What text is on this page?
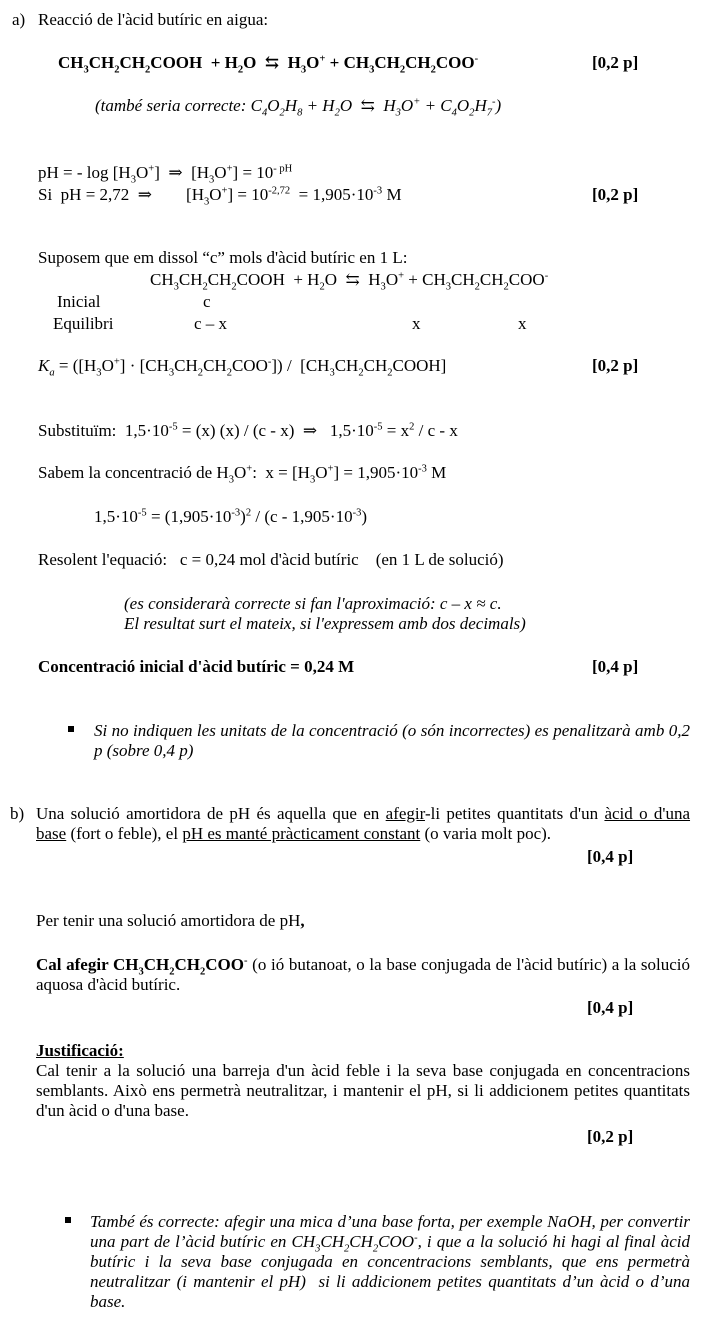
a) Reacció de l'àcid butíric en aigua:
$CH_3CH_2CH_2COOH + H_2O$  ⇆  $H_3O^+ + CH_3CH_2CH_2COO^-$	[0,2 p]
(també seria correcte: $C_4O_2H_8 + H_2O$  ⇆  $H_3O^+ + C_4O_2H_7^-$)
pH = - $\log [H_3O^+]$  ⇒  $[H_3O^+] = 10^{- pH}$
Si  pH = 2,72  ⇒        $[H_3O^+] = 10^{-2,72} = 1,905\cdot 10^{-3}$ M	[0,2 p]
Suposem que em dissol “c” mols d'àcid butíric en 1 L:
$CH_3CH_2CH_2COOH + H_2O$  ⇆  $H_3O^+ + CH_3CH_2CH_2COO^-$
Inicial	c
Equilibri	c – x	x	x
$K_a = ([H_3O^+] \cdot [CH_3CH_2CH_2COO^-])$ /  $[CH_3CH_2CH_2COOH]$	[0,2 p]
Substituïm:  $1,5\cdot 10^{-5} = (x)$ (x) / (c - x)  ⇒   $1,5\cdot 10^{-5} = x^2 / c - x$
Sabem la concentració de $H_3O^+$:  $x = [H_3O^+] = 1,905\cdot 10^{-3}$ M
$1,5\cdot 10^{-5} = (1,905\cdot 10^{-3})^2 / (c - 1,905\cdot 10^{-3})$
Resolent l'equació: c = 0,24 mol d'àcid butíric (en 1 L de solució)
(es considerarà correcte si fan l'aproximació: c – x ≈ c.
El resultat surt el mateix, si l'expressem amb dos decimals)
Concentració inicial d'àcid butíric = 0,24 M	[0,4 p]
Si no indiquen les unitats de la concentració (o són incorrectes) es penalitzarà amb 0,2 p (sobre 0,4 p)
b) Una solució amortidora de pH és aquella que en afegir-li petites quantitats d'un àcid o d'una base (fort o feble), el pH es manté pràcticament constant (o varia molt poc).
[0,4 p]
Per tenir una solució amortidora de pH,
Cal afegir $CH_3CH_2CH_2COO^-$ (o ió butanoat, o la base conjugada de l'àcid butíric) a la solució aquosa d'àcid butíric.
[0,4 p]
Justificació:
Cal tenir a la solució una barreja d'un àcid feble i la seva base conjugada en concentracions semblants. Això ens permetrà neutralitzar, i mantenir el pH, si li addicionem petites quantitats d'un àcid o d'una base.
[0,2 p]
També és correcte: afegir una mica d’una base forta, per exemple NaOH, per convertir una part de l’àcid butíric en $CH_3CH_2CH_2COO^-$, i que a la solució hi hagi al final àcid butíric i la seva base conjugada en concentracions semblants, que ens permetrà neutralitzar (i mantenir el pH)  si li addicionem petites quantitats d’un àcid o d’una base.
